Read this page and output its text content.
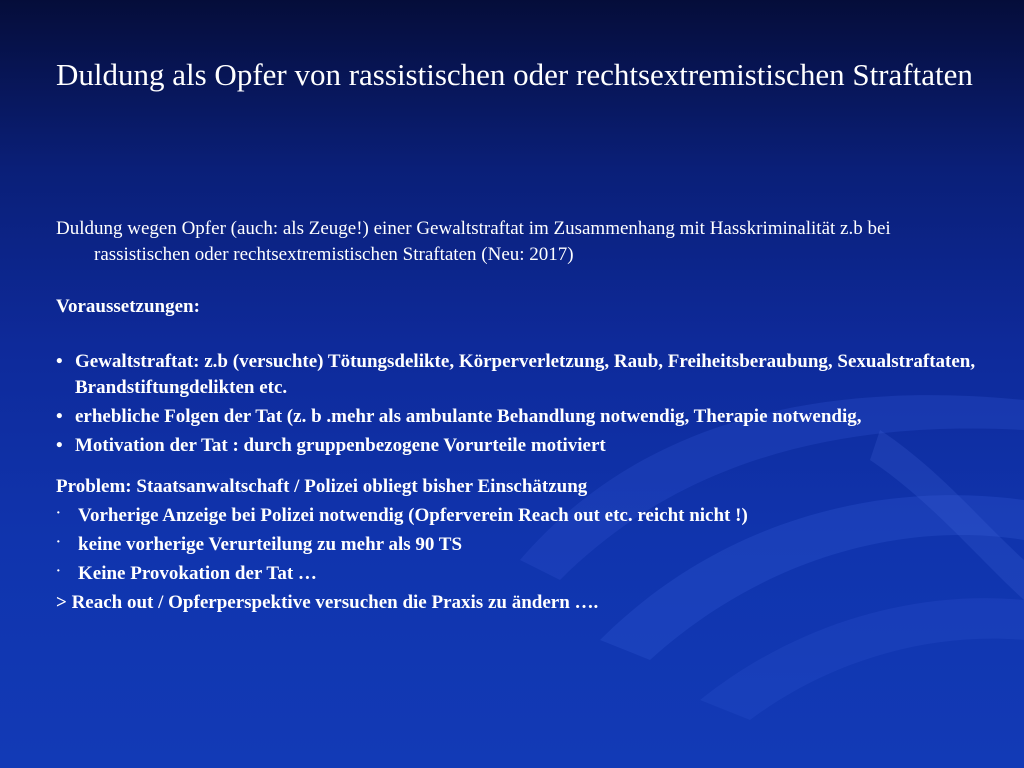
Duldung als Opfer von rassistischen oder rechtsextremistischen Straftaten

Duldung wegen Opfer (auch: als Zeuge!) einer Gewaltstraftat im Zusammenhang mit Hasskriminalität z.b bei rassistischen oder rechtsextremistischen Straftaten (Neu: 2017)

Voraussetzungen:

• Gewaltstraftat: z.b (versuchte) Tötungsdelikte, Körperverletzung, Raub, Freiheitsberaubung, Sexualstraftaten, Brandstiftungdelikten etc.
• erhebliche Folgen der Tat (z. b .mehr als ambulante Behandlung notwendig, Therapie notwendig,
• Motivation der Tat : durch gruppenbezogene Vorurteile motiviert

Problem: Staatsanwaltschaft / Polizei obliegt bisher Einschätzung

· Vorherige Anzeige bei Polizei notwendig (Opferverein Reach out etc. reicht nicht !)
· keine vorherige Verurteilung zu mehr als 90 TS
· Keine Provokation der Tat …

> Reach out / Opferperspektive versuchen die Praxis zu ändern ….
